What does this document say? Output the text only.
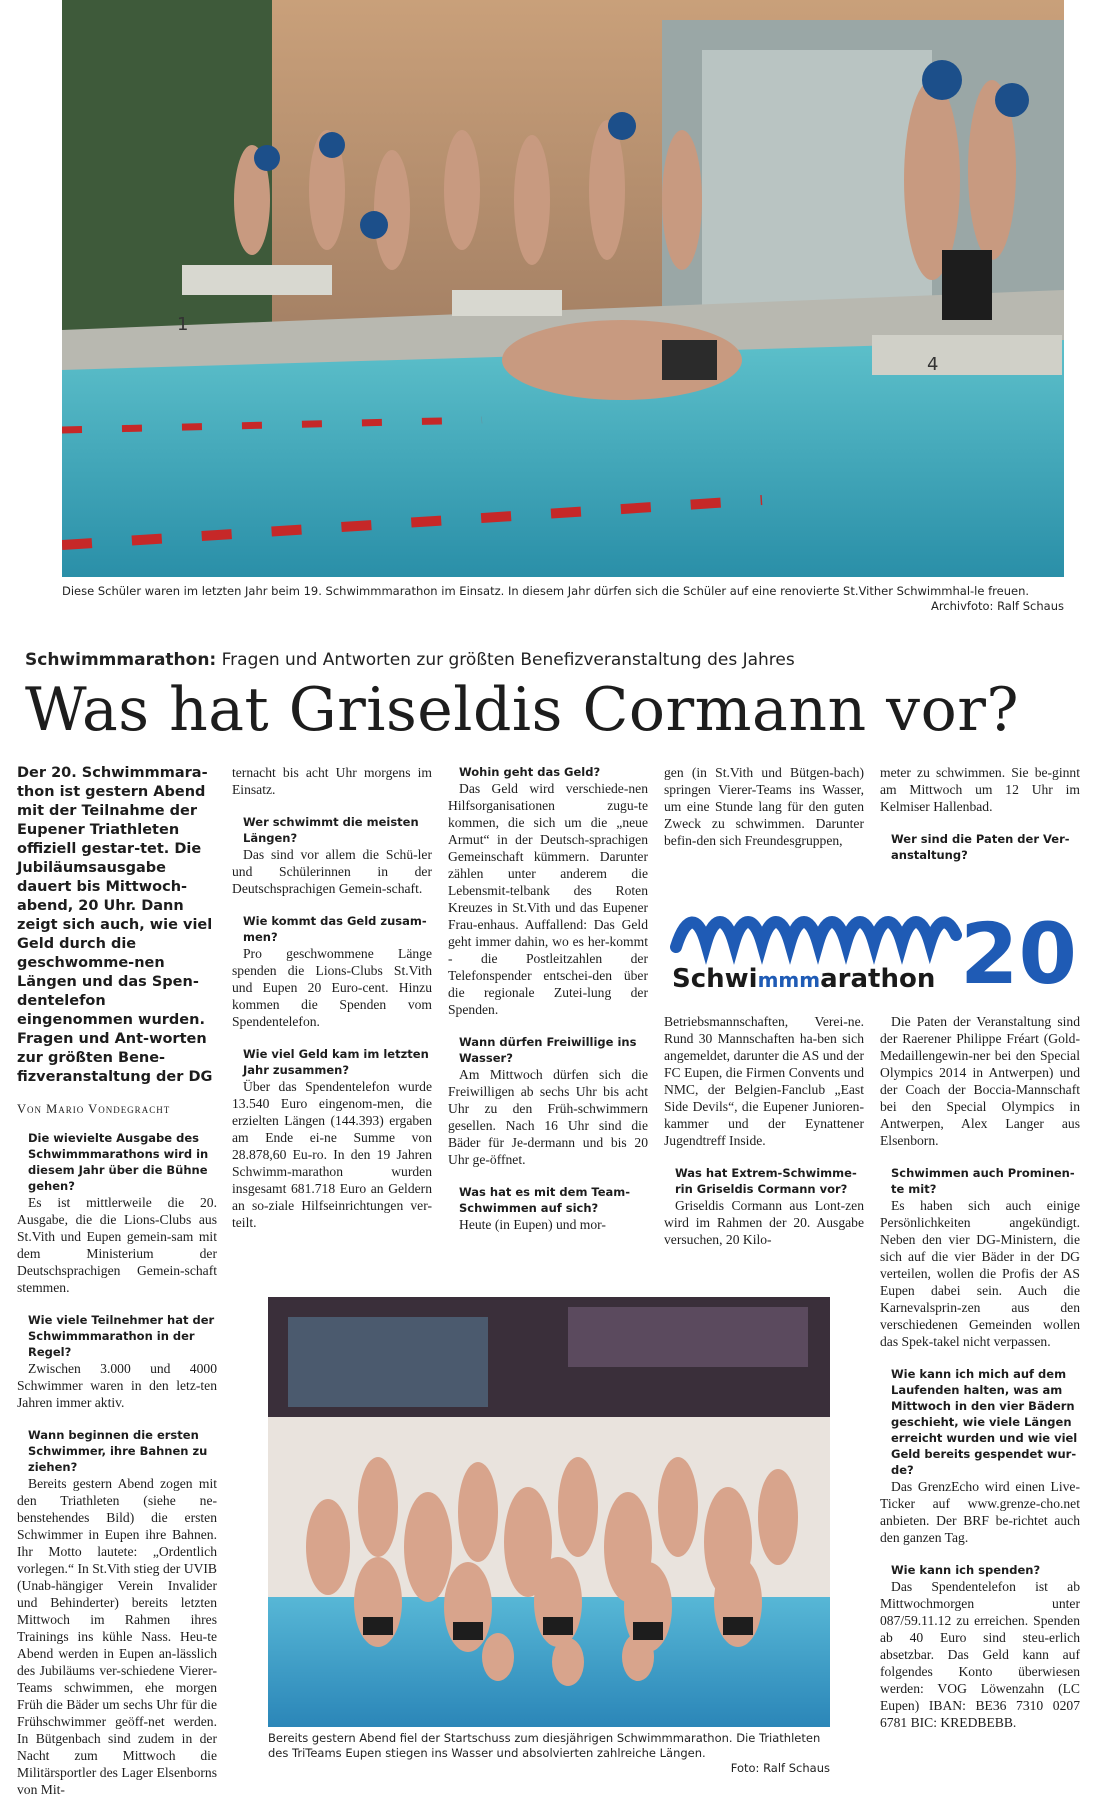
1
4
Diese Schüler waren im letzten Jahr beim 19. Schwimmmarathon im Einsatz. In diesem Jahr dürfen sich die Schüler auf eine renovierte St.Vither Schwimmhal-le freuen.
Archivfoto: Ralf Schaus
Schwimmmarathon: Fragen und Antworten zur größten Benefizveranstaltung des Jahres
Was hat Griseldis Cormann vor?
Der 20. Schwimmmara-thon ist gestern Abend mit der Teilnahme der Eupener Triathleten offiziell gestar-tet. Die Jubiläumsausgabe dauert bis Mittwoch-abend, 20 Uhr. Dann zeigt sich auch, wie viel Geld durch die geschwomme-nen Längen und das Spen-dentelefon eingenommen wurden. Fragen und Ant-worten zur größten Bene-fizveranstaltung der DG
Von Mario Vondegracht
Die wievielte Ausgabe des Schwimmmarathons wird in diesem Jahr über die Bühne gehen?

Es ist mittlerweile die 20. Ausgabe, die die Lions-Clubs aus St.Vith und Eupen gemein-sam mit dem Ministerium der Deutschsprachigen Gemein-schaft stemmen.

Wie viele Teilnehmer hat der Schwimmmarathon in der Regel?

Zwischen 3.000 und 4000 Schwimmer waren in den letz-ten Jahren immer aktiv.

Wann beginnen die ersten Schwimmer, ihre Bahnen zu ziehen?

Bereits gestern Abend zogen mit den Triathleten (siehe ne-benstehendes Bild) die ersten Schwimmer in Eupen ihre Bahnen. Ihr Motto lautete: „Ordentlich vorlegen.“ In St.Vith stieg der UVIB (Unab-hängiger Verein Invalider und Behinderter) bereits letzten Mittwoch im Rahmen ihres Trainings ins kühle Nass. Heu-te Abend werden in Eupen an-lässlich des Jubiläums ver-schiedene Vierer-Teams schwimmen, ehe morgen Früh die Bäder um sechs Uhr für die Frühschwimmer geöff-net werden. In Bütgenbach sind zudem in der Nacht zum Mittwoch die Militärsportler des Lager Elsenborns von Mit-

ternacht bis acht Uhr morgens im Einsatz.

Wer schwimmt die meisten Längen?

Das sind vor allem die Schü-ler und Schülerinnen in der Deutschsprachigen Gemein-schaft.

Wie kommt das Geld zusam-men?

Pro geschwommene Länge spenden die Lions-Clubs St.Vith und Eupen 20 Euro-cent. Hinzu kommen die Spenden vom Spendentelefon.

Wie viel Geld kam im letzten Jahr zusammen?

Über das Spendentelefon wurde 13.540 Euro eingenom-men, die erzielten Längen (144.393) ergaben am Ende ei-ne Summe von 28.878,60 Eu-ro. In den 19 Jahren Schwimm-marathon wurden insgesamt 681.718 Euro an Geldern an so-ziale Hilfseinrichtungen ver-teilt.

Wohin geht das Geld?

Das Geld wird verschiede-nen Hilfsorganisationen zugu-te kommen, die sich um die „neue Armut“ in der Deutsch-sprachigen Gemeinschaft kümmern. Darunter zählen unter anderem die Lebensmit-telbank des Roten Kreuzes in St.Vith und das Eupener Frau-enhaus. Auffallend: Das Geld geht immer dahin, wo es her-kommt - die Postleitzahlen der Telefonspender entschei-den über die regionale Zutei-lung der Spenden.

Wann dürfen Freiwillige ins Wasser?

Am Mittwoch dürfen sich die Freiwilligen ab sechs Uhr bis acht Uhr zu den Früh-schwimmern gesellen. Nach 16 Uhr sind die Bäder für Je-dermann und bis 20 Uhr ge-öffnet.

Was hat es mit dem Team-Schwimmen auf sich?

Heute (in Eupen) und mor-

gen (in St.Vith und Bütgen-bach) springen Vierer-Teams ins Wasser, um eine Stunde lang für den guten Zweck zu schwimmen. Darunter befin-den sich Freundesgruppen,

meter zu schwimmen. Sie be-ginnt am Mittwoch um 12 Uhr im Kelmiser Hallenbad.

Wer sind die Paten der Ver-anstaltung?
Schwimmmarathon 20

Betriebsmannschaften, Verei-ne. Rund 30 Mannschaften ha-ben sich angemeldet, darunter die AS und der FC Eupen, die Firmen Convents und NMC, der Belgien-Fanclub „East Side Devils“, die Eupener Junioren-kammer und der Eynattener Jugendtreff Inside.

Was hat Extrem-Schwimme-rin Griseldis Cormann vor?

Griseldis Cormann aus Lont-zen wird im Rahmen der 20. Ausgabe versuchen, 20 Kilo-

Die Paten der Veranstaltung sind der Raerener Philippe Fréart (Gold-Medaillengewin-ner bei den Special Olympics 2014 in Antwerpen) und der Coach der Boccia-Mannschaft bei den Special Olympics in Antwerpen, Alex Langer aus Elsenborn.

Schwimmen auch Prominen-te mit?

Es haben sich auch einige Persönlichkeiten angekündigt. Neben den vier DG-Ministern, die sich auf die vier Bäder in der DG verteilen, wollen die Profis der AS Eupen dabei sein. Auch die Karnevalsprin-zen aus den verschiedenen Gemeinden wollen das Spek-takel nicht verpassen.

Wie kann ich mich auf dem Laufenden halten, was am Mittwoch in den vier Bädern geschieht, wie viele Längen erreicht wurden und wie viel Geld bereits gespendet wur-de?

Das GrenzEcho wird einen Live-Ticker auf www.grenze-cho.net anbieten. Der BRF be-richtet auch den ganzen Tag.

Wie kann ich spenden?

Das Spendentelefon ist ab Mittwochmorgen unter 087/59.11.12 zu erreichen. Spenden ab 40 Euro sind steu-erlich absetzbar. Das Geld kann auf folgendes Konto überwiesen werden: VOG Löwenzahn (LC Eupen) IBAN: BE36 7310 0207 6781 BIC: KREDBEBB.

Bereits gestern Abend fiel der Startschuss zum diesjährigen Schwimmmarathon. Die Triathleten des TriTeams Eupen stiegen ins Wasser und absolvierten zahlreiche Längen.
Foto: Ralf Schaus
